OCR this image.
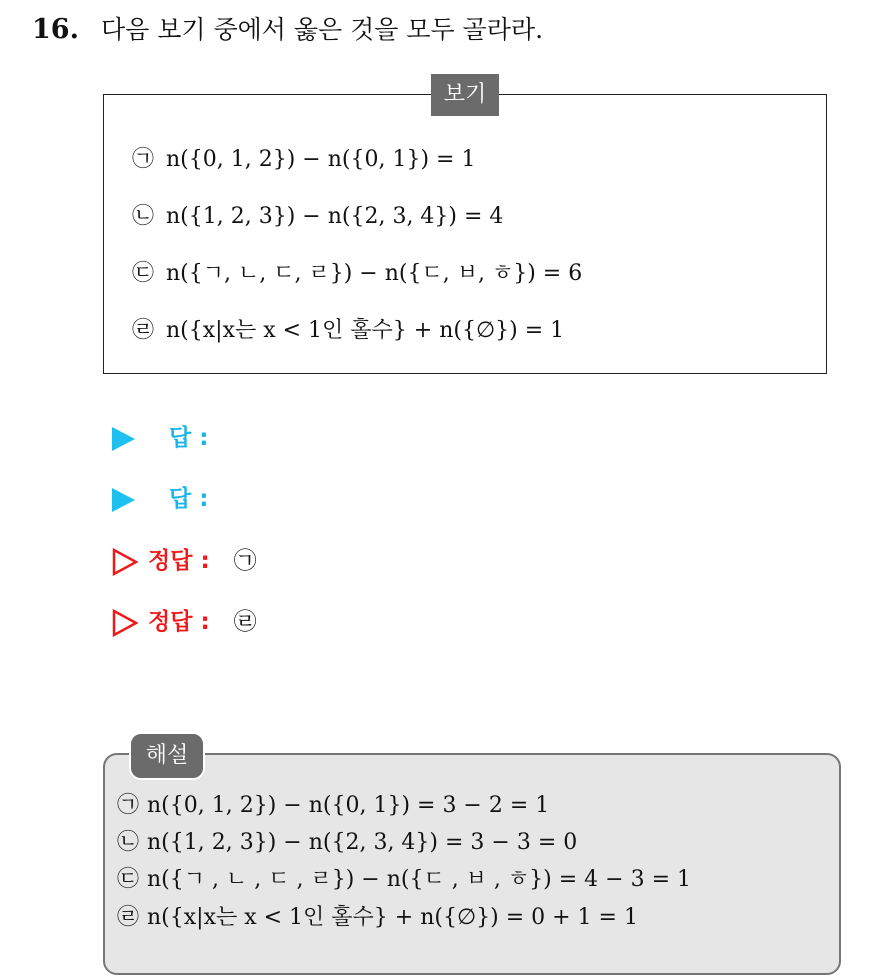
16. 다음 보기 중에서 옳은 것을 모두 골라라.
보기
㉠ n({0, 1, 2}) − n({0, 1}) = 1
㉡ n({1, 2, 3}) − n({2, 3, 4}) = 4
㉢ n({ㄱ, ㄴ, ㄷ, ㄹ}) − n({ㄷ, ㅂ, ㅎ}) = 6
㉣ n({x|x는 x < 1인 홀수} + n({∅}) = 1
답 :
답 :
정답 : ㉠
정답 : ㉣
해설
㉠ n({0, 1, 2}) − n({0, 1}) = 3 − 2 = 1
㉡ n({1, 2, 3}) − n({2, 3, 4}) = 3 − 3 = 0
㉢ n({ㄱ , ㄴ , ㄷ , ㄹ}) − n({ㄷ , ㅂ , ㅎ}) = 4 − 3 = 1
㉣ n({x|x는 x < 1인 홀수} + n({∅}) = 0 + 1 = 1
